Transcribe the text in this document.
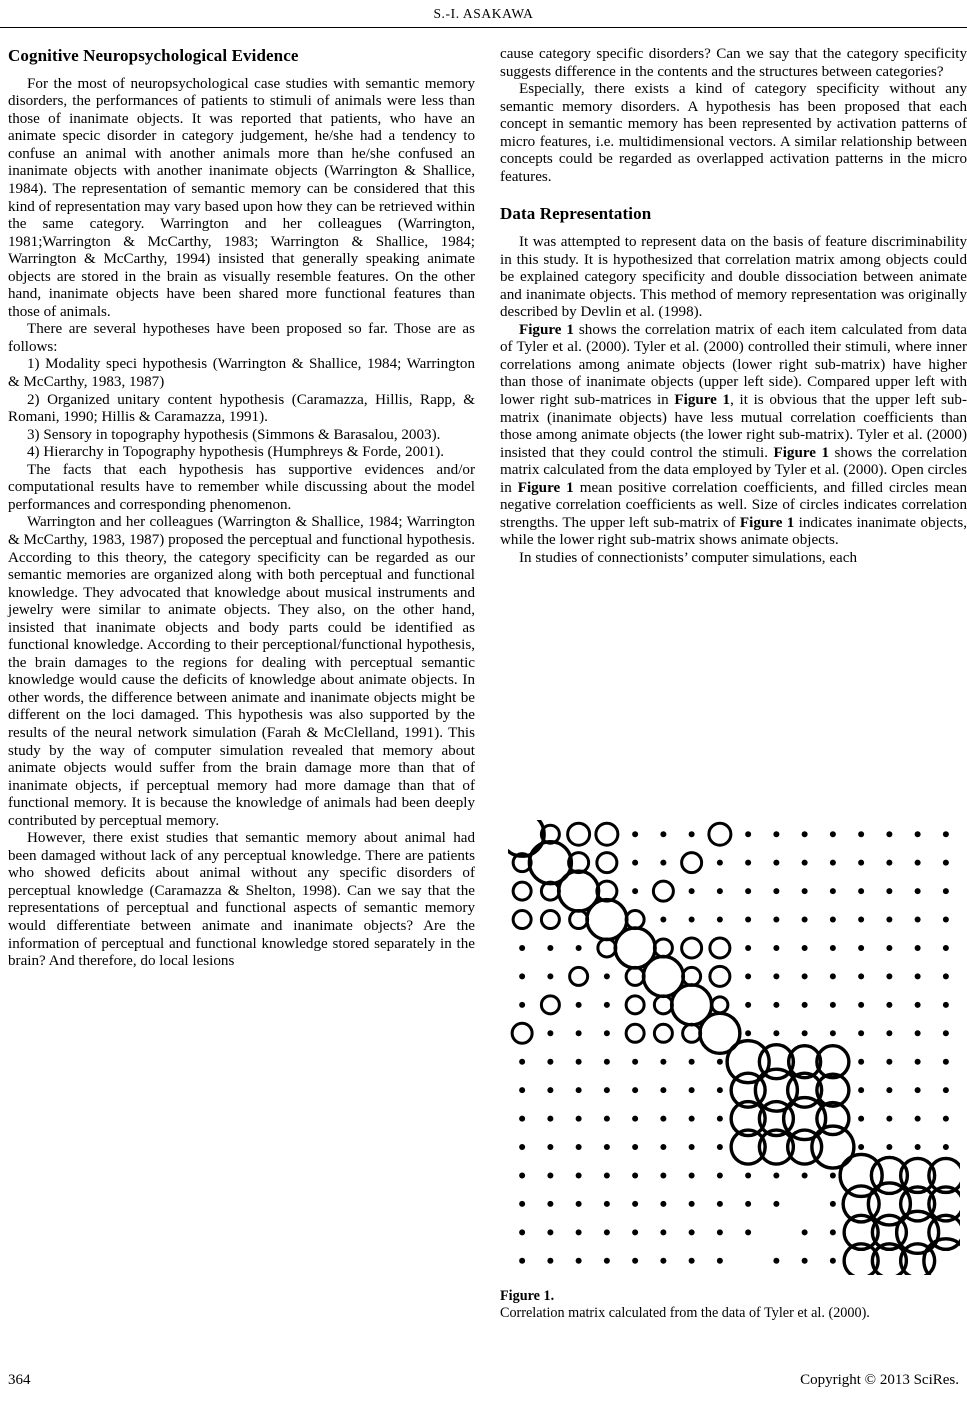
S.-I. ASAKAWA
Cognitive Neuropsychological Evidence

For the most of neuropsychological case studies with semantic memory disorders, the performances of patients to stimuli of animals were less than those of inanimate objects. It was reported that patients, who have an animate specic disorder in category judgement, he/she had a tendency to confuse an animal with another animals more than he/she confused an inanimate objects with another inanimate objects (Warrington & Shallice, 1984). The representation of semantic memory can be considered that this kind of representation may vary based upon how they can be retrieved within the same category. Warrington and her colleagues (Warrington, 1981;Warrington & McCarthy, 1983; Warrington & Shallice, 1984; Warrington & McCarthy, 1994) insisted that generally speaking animate objects are stored in the brain as visually resemble features. On the other hand, inanimate objects have been shared more functional features than those of animals.

There are several hypotheses have been proposed so far. Those are as follows:

1) Modality speci hypothesis (Warrington & Shallice, 1984; Warrington & McCarthy, 1983, 1987)

2) Organized unitary content hypothesis (Caramazza, Hillis, Rapp, & Romani, 1990; Hillis & Caramazza, 1991).

3) Sensory in topography hypothesis (Simmons & Barasalou, 2003).

4) Hierarchy in Topography hypothesis (Humphreys & Forde, 2001).

The facts that each hypothesis has supportive evidences and/or computational results have to remember while discussing about the model performances and corresponding phenomenon.

Warrington and her colleagues (Warrington & Shallice, 1984; Warrington & McCarthy, 1983, 1987) proposed the perceptual and functional hypothesis. According to this theory, the category specificity can be regarded as our semantic memories are organized along with both perceptual and functional knowledge. They advocated that knowledge about musical instruments and jewelry were similar to animate objects. They also, on the other hand, insisted that inanimate objects and body parts could be identified as functional knowledge. According to their perceptional/functional hypothesis, the brain damages to the regions for dealing with perceptual semantic knowledge would cause the deficits of knowledge about animate objects. In other words, the difference between animate and inanimate objects might be different on the loci damaged. This hypothesis was also supported by the results of the neural network simulation (Farah & McClelland, 1991). This study by the way of computer simulation revealed that memory about animate objects would suffer from the brain damage more than that of inanimate objects, if perceptual memory had more damage than that of functional memory. It is because the knowledge of animals had been deeply contributed by perceptual memory.

However, there exist studies that semantic memory about animal had been damaged without lack of any perceptual knowledge. There are patients who showed deficits about animal without any specific disorders of perceptual knowledge (Caramazza & Shelton, 1998). Can we say that the representations of perceptual and functional aspects of semantic memory would differentiate between animate and inanimate objects? Are the information of perceptual and functional knowledge stored separately in the brain? And therefore, do local lesions

cause category specific disorders? Can we say that the category specificity suggests difference in the contents and the structures between categories?

Especially, there exists a kind of category specificity without any semantic memory disorders. A hypothesis has been proposed that each concept in semantic memory has been represented by activation patterns of micro features, i.e. multidimensional vectors. A similar relationship between concepts could be regarded as overlapped activation patterns in the micro features.

Data Representation

It was attempted to represent data on the basis of feature discriminability in this study. It is hypothesized that correlation matrix among objects could be explained category specificity and double dissociation between animate and inanimate objects. This method of memory representation was originally described by Devlin et al. (1998).

Figure 1 shows the correlation matrix of each item calculated from data of Tyler et al. (2000). Tyler et al. (2000) controlled their stimuli, where inner correlations among animate objects (lower right sub-matrix) have higher than those of inanimate objects (upper left side). Compared upper left with lower right sub-matrices in Figure 1, it is obvious that the upper left sub-matrix (inanimate objects) have less mutual correlation coefficients than those among animate objects (the lower right sub-matrix). Tyler et al. (2000) insisted that they could control the stimuli. Figure 1 shows the correlation matrix calculated from the data employed by Tyler et al. (2000). Open circles in Figure 1 mean positive correlation coefficients, and filled circles mean negative correlation coefficients as well. Size of circles indicates correlation strengths. The upper left sub-matrix of Figure 1 indicates inanimate objects, while the lower right sub-matrix shows animate objects.

In studies of connectionists’ computer simulations, each

Figure 1.
Correlation matrix calculated from the data of Tyler et al. (2000).
364	Copyright © 2013 SciRes.
